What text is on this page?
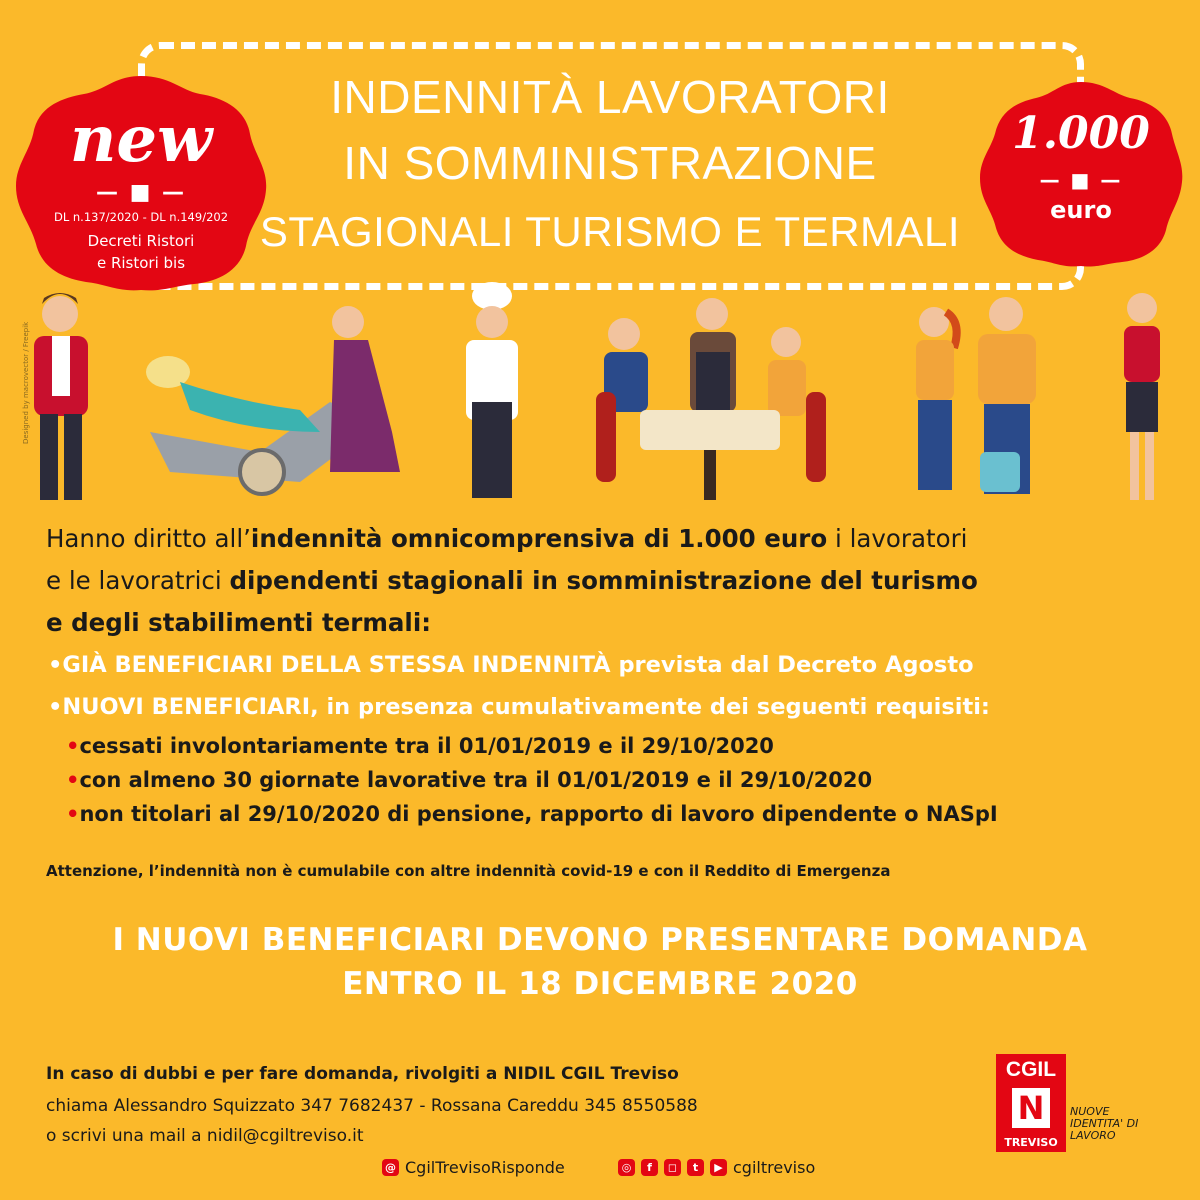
INDENNITÀ LAVORATORI
IN SOMMINISTRAZIONE
STAGIONALI TURISMO E TERMALI
new
— ■ —
DL n.137/2020 - DL n.149/202
Decreti Ristori
e Ristori bis
1.000
— ■ —
euro
Designed by macrovector / Freepik
Hanno diritto all’indennità omnicomprensiva di 1.000 euro i lavoratori
e le lavoratrici dipendenti stagionali in somministrazione del turismo
e degli stabilimenti termali:
•GIÀ BENEFICIARI DELLA STESSA INDENNITÀ prevista dal Decreto Agosto
•NUOVI BENEFICIARI, in presenza cumulativamente dei seguenti requisiti:
•cessati involontariamente tra il 01/01/2019 e il 29/10/2020
•con almeno 30 giornate lavorative tra il 01/01/2019 e il 29/10/2020
•non titolari al 29/10/2020 di pensione, rapporto di lavoro dipendente o NASpI
Attenzione, l’indennità non è cumulabile con altre indennità covid-19 e con il Reddito di Emergenza
I NUOVI BENEFICIARI DEVONO PRESENTARE DOMANDA
ENTRO IL 18 DICEMBRE 2020
In caso di dubbi e per fare domanda, rivolgiti a NIDIL CGIL Treviso
chiama Alessandro Squizzato 347 7682437 - Rossana Careddu 345 8550588
o scrivi una mail a nidil@cgiltreviso.it
@ CgilTrevisoRisponde	◎	f	◻	t	▶ cgiltreviso
CGIL
N
TREVISO
NUOVE IDENTITA' DI LAVORO
